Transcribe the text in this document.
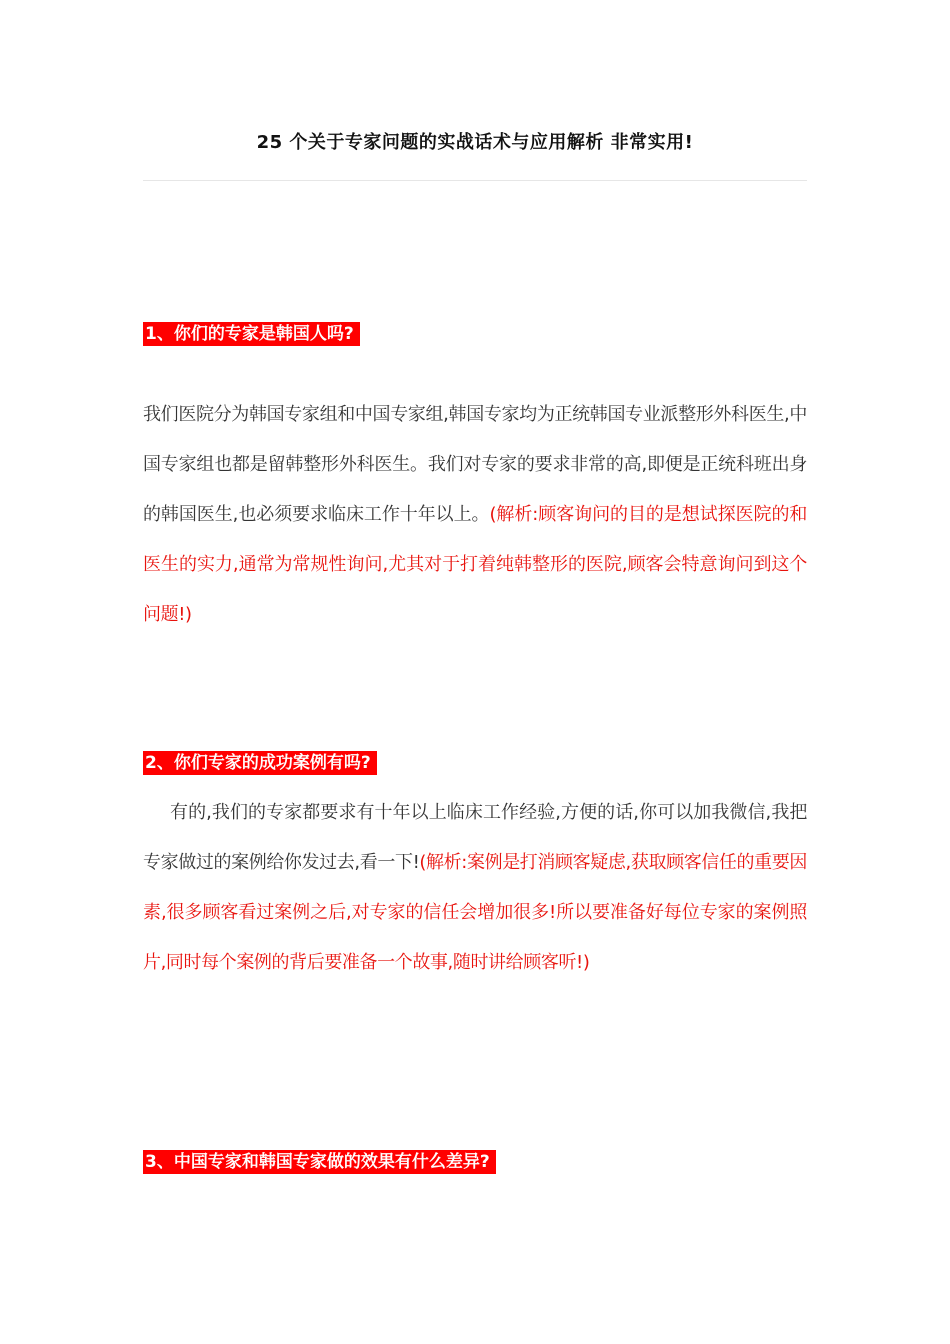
25 个关于专家问题的实战话术与应用解析 非常实用!
1、你们的专家是韩国人吗?
我们医院分为韩国专家组和中国专家组,韩国专家均为正统韩国专业派整形外科医生,中国专家组也都是留韩整形外科医生。我们对专家的要求非常的高,即便是正统科班出身的韩国医生,也必须要求临床工作十年以上。(解析:顾客询问的目的是想试探医院的和医生的实力,通常为常规性询问,尤其对于打着纯韩整形的医院,顾客会特意询问到这个问题!)
2、你们专家的成功案例有吗?
有的,我们的专家都要求有十年以上临床工作经验,方便的话,你可以加我微信,我把专家做过的案例给你发过去,看一下!(解析:案例是打消顾客疑虑,获取顾客信任的重要因素,很多顾客看过案例之后,对专家的信任会增加很多!所以要准备好每位专家的案例照片,同时每个案例的背后要准备一个故事,随时讲给顾客听!)
3、中国专家和韩国专家做的效果有什么差异?
